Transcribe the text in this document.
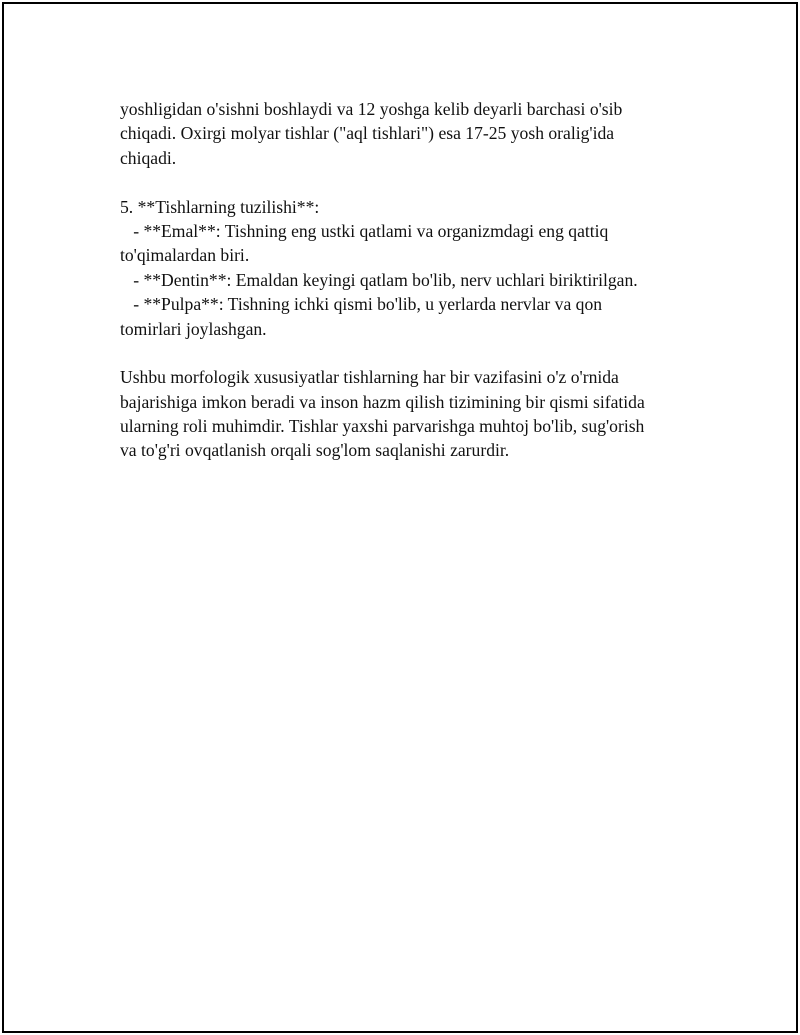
yoshligidan o'sishni boshlaydi va 12 yoshga kelib deyarli barchasi o'sib
chiqadi. Oxirgi molyar tishlar ("aql tishlari") esa 17-25 yosh oralig'ida
chiqadi.
5. **Tishlarning tuzilishi**:
- **Emal**: Tishning eng ustki qatlami va organizmdagi eng qattiq
to'qimalardan biri.
- **Dentin**: Emaldan keyingi qatlam bo'lib, nerv uchlari biriktirilgan.
- **Pulpa**: Tishning ichki qismi bo'lib, u yerlarda nervlar va qon
tomirlari joylashgan.
Ushbu morfologik xususiyatlar tishlarning har bir vazifasini o'z o'rnida
bajarishiga imkon beradi va inson hazm qilish tizimining bir qismi sifatida
ularning roli muhimdir. Tishlar yaxshi parvarishga muhtoj bo'lib, sug'orish
va to'g'ri ovqatlanish orqali sog'lom saqlanishi zarurdir.
